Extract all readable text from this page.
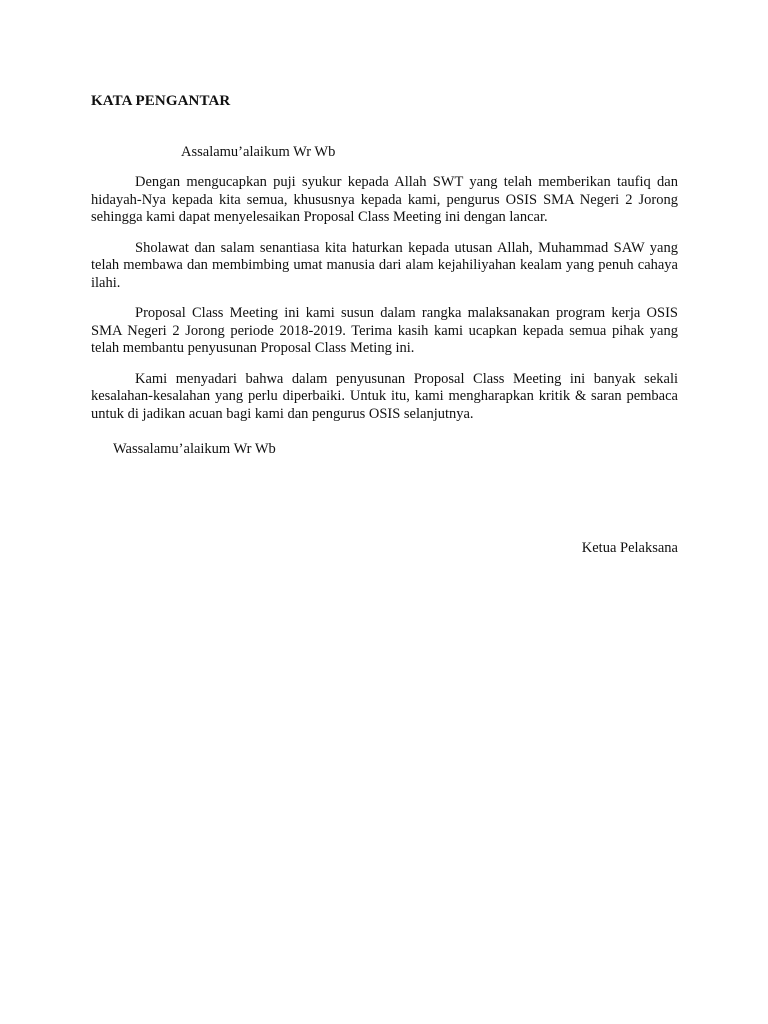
KATA PENGANTAR

Assalamu’alaikum Wr Wb

Dengan mengucapkan puji syukur kepada Allah SWT yang telah memberikan taufiq dan hidayah-Nya kepada kita semua, khususnya kepada kami, pengurus OSIS SMA Negeri 2 Jorong sehingga kami dapat menyelesaikan Proposal Class Meeting ini dengan lancar.

Sholawat dan salam senantiasa kita haturkan kepada utusan Allah, Muhammad SAW yang telah membawa dan membimbing umat manusia dari alam kejahiliyahan kealam yang penuh cahaya ilahi.

Proposal Class Meeting ini kami susun dalam rangka malaksanakan program kerja OSIS SMA Negeri 2 Jorong periode 2018-2019. Terima kasih kami ucapkan kepada semua pihak yang telah membantu penyusunan Proposal Class Meting ini.

Kami menyadari bahwa dalam penyusunan Proposal Class Meeting ini banyak sekali kesalahan-kesalahan yang perlu diperbaiki. Untuk itu, kami mengharapkan kritik & saran pembaca untuk di jadikan acuan bagi kami dan pengurus OSIS selanjutnya.

Wassalamu’alaikum Wr Wb

Ketua Pelaksana
